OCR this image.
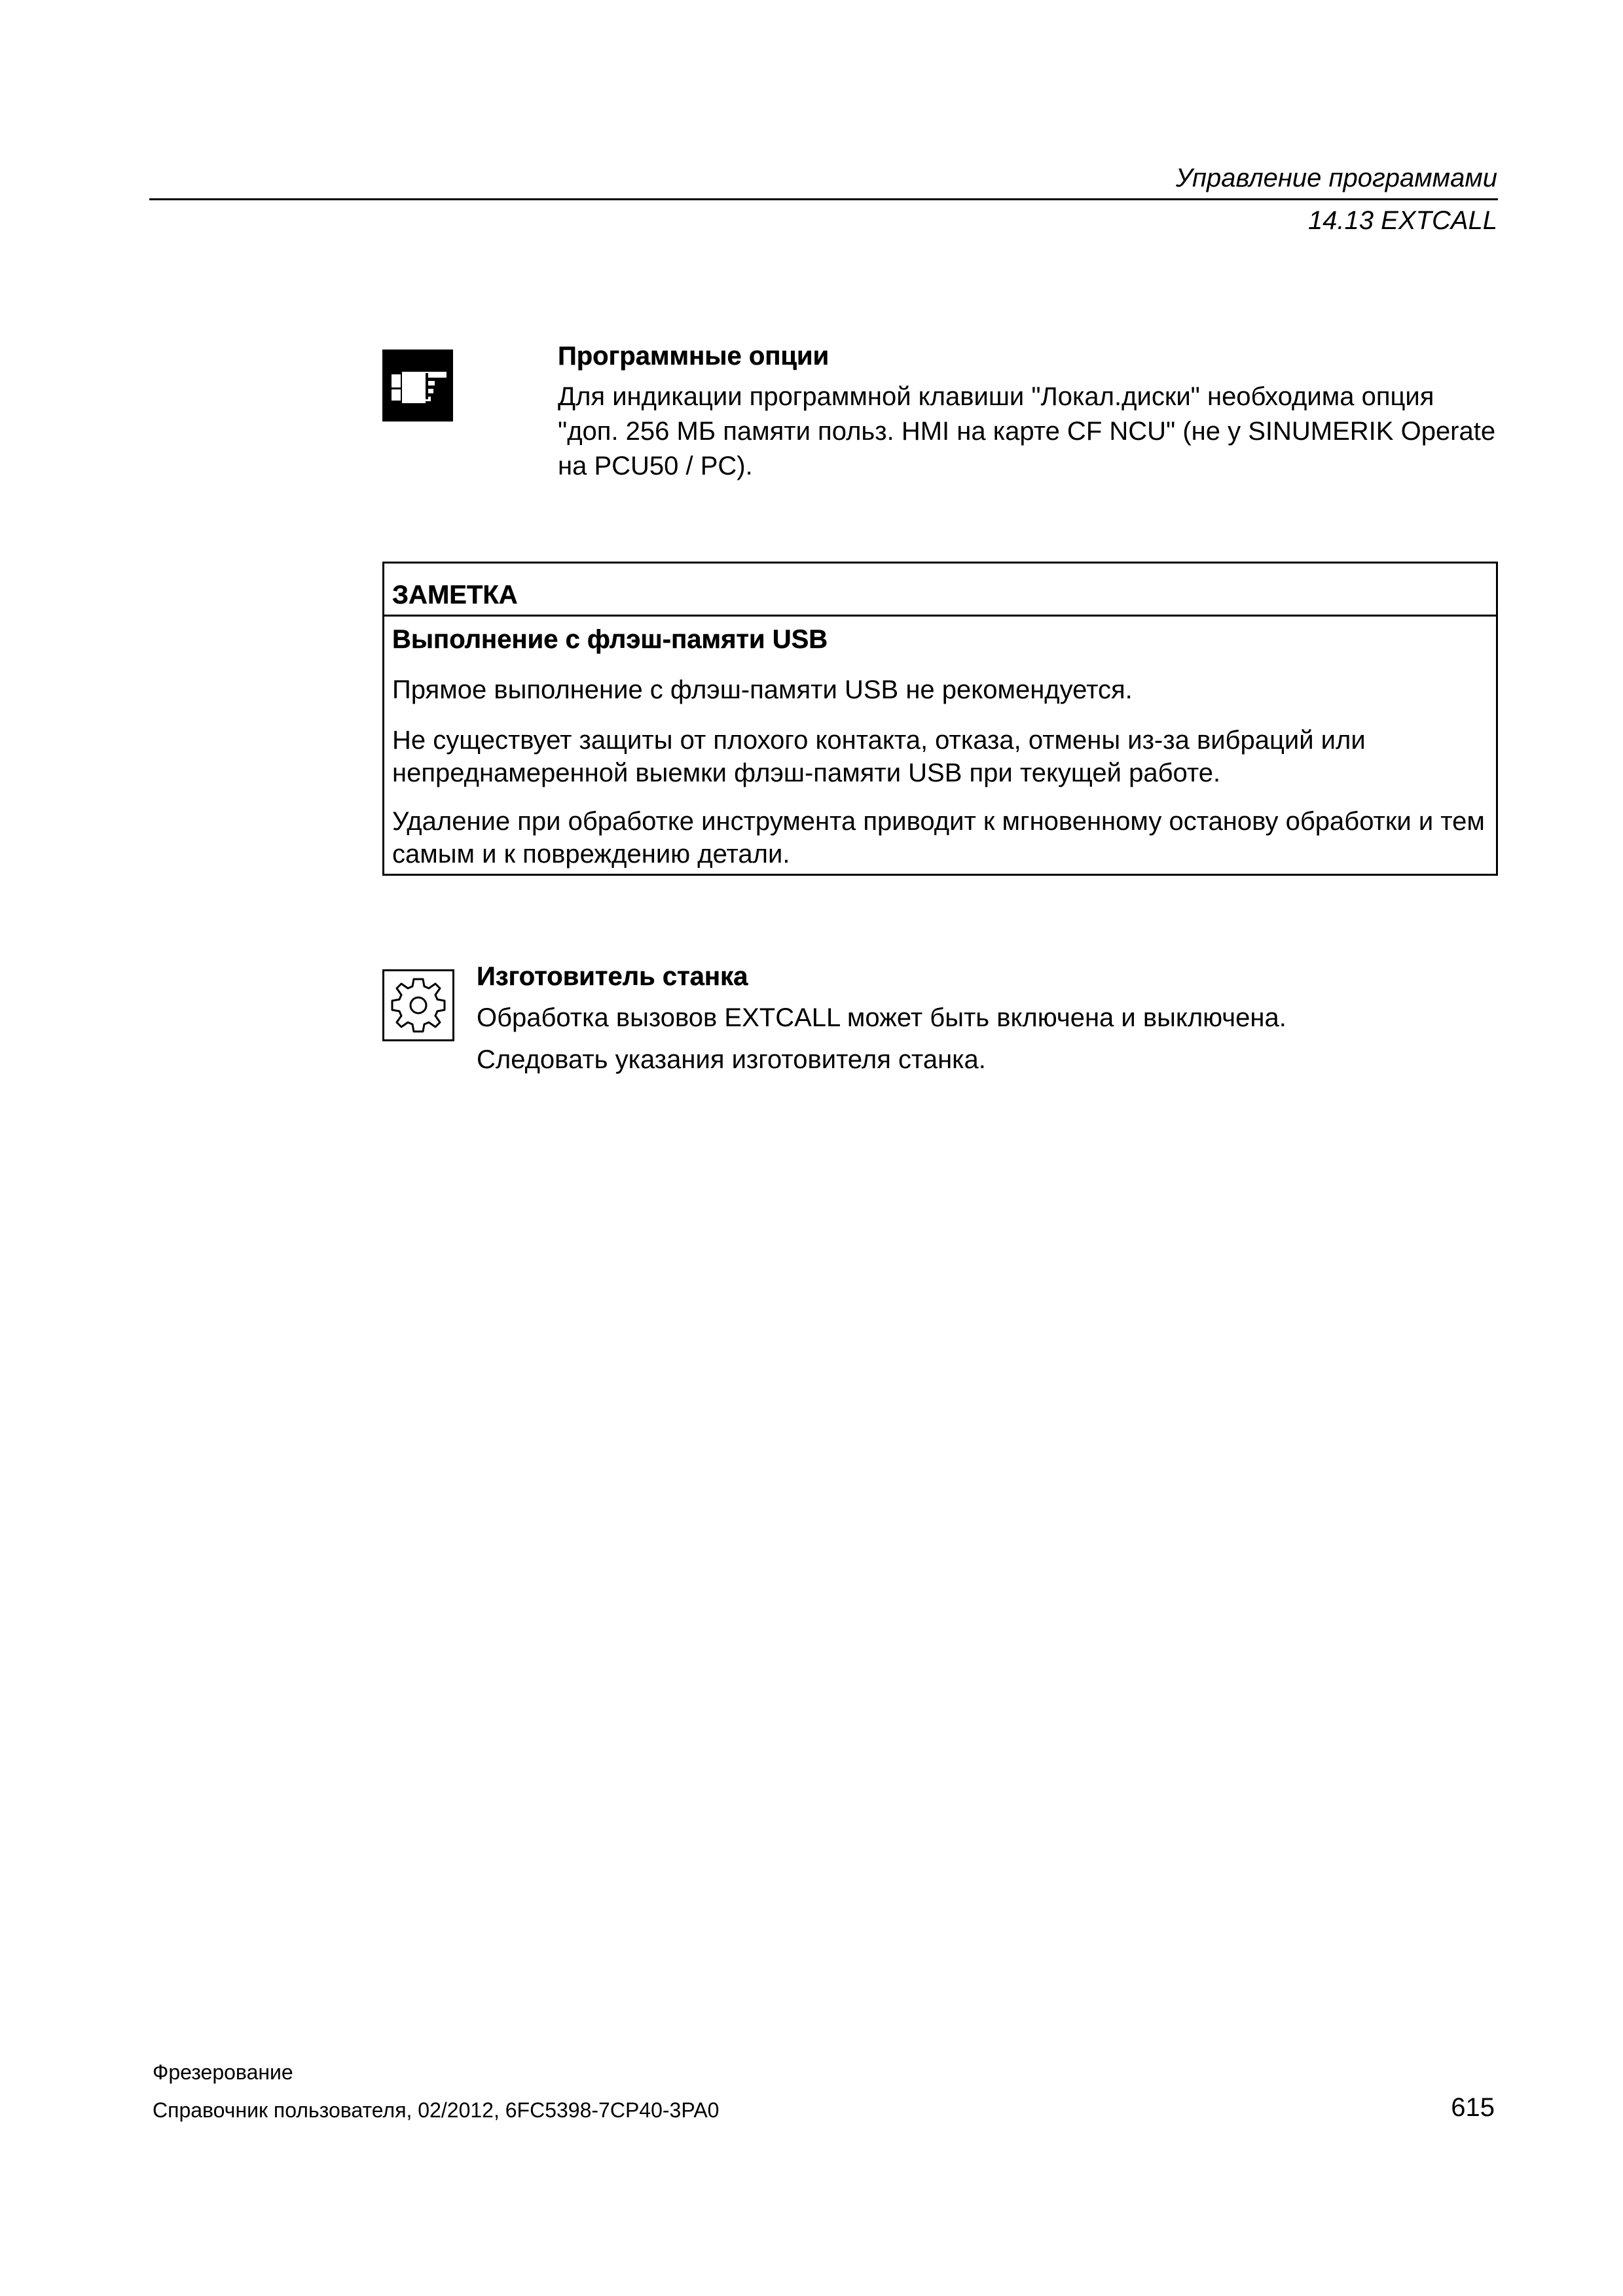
Управление программами
14.13 EXTCALL
Программные опции

Для индикации программной клавиши "Локал.диски" необходима опция "доп. 256 МБ памяти польз. HMI на карте CF NCU" (не у SINUMERIK Operate на PCU50 / PC).

ЗАМЕТКА
Выполнение с флэш-памяти USB

Прямое выполнение с флэш-памяти USB не рекомендуется.

Не существует защиты от плохого контакта, отказа, отмены из-за вибраций или непреднамеренной выемки флэш-памяти USB при текущей работе.

Удаление при обработке инструмента приводит к мгновенному останову обработки и тем самым и к повреждению детали.

Изготовитель станка

Обработка вызовов EXTCALL может быть включена и выключена.

Следовать указания изготовителя станка.

Фрезерование
Справочник пользователя, 02/2012, 6FC5398-7CP40-3PA0	615
